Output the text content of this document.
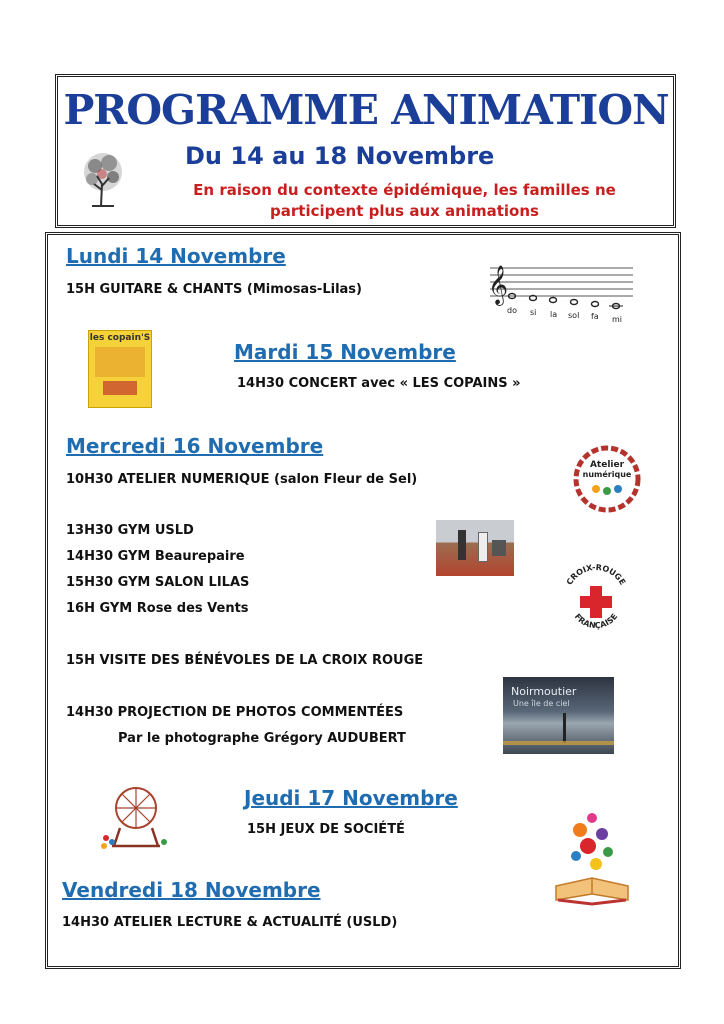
PROGRAMME ANIMATION
Du 14 au 18 Novembre
En raison du contexte épidémique, les familles ne
participent plus aux animations
Lundi 14 Novembre
15H GUITARE & CHANTS (Mimosas-Lilas)	𝄞
do si la sol fa mi
les copain'S
Mardi 15 Novembre
14H30 CONCERT avec « LES COPAINS »
Mercredi 16 Novembre
10H30 ATELIER NUMERIQUE (salon Fleur de Sel)
Atelier
numérique
13H30 GYM USLD
14H30 GYM Beaurepaire
15H30 GYM SALON LILAS
16H GYM Rose des Vents
CROIX-ROUGE
FRANÇAISE
15H VISITE DES BÉNÉVOLES DE LA CROIX ROUGE
14H30 PROJECTION DE PHOTOS COMMENTÉES
Par le photographe Grégory AUDUBERT
Noirmoutier
Une île de ciel
Jeudi 17 Novembre
15H JEUX DE SOCIÉTÉ
Vendredi 18 Novembre
14H30 ATELIER LECTURE & ACTUALITÉ (USLD)
